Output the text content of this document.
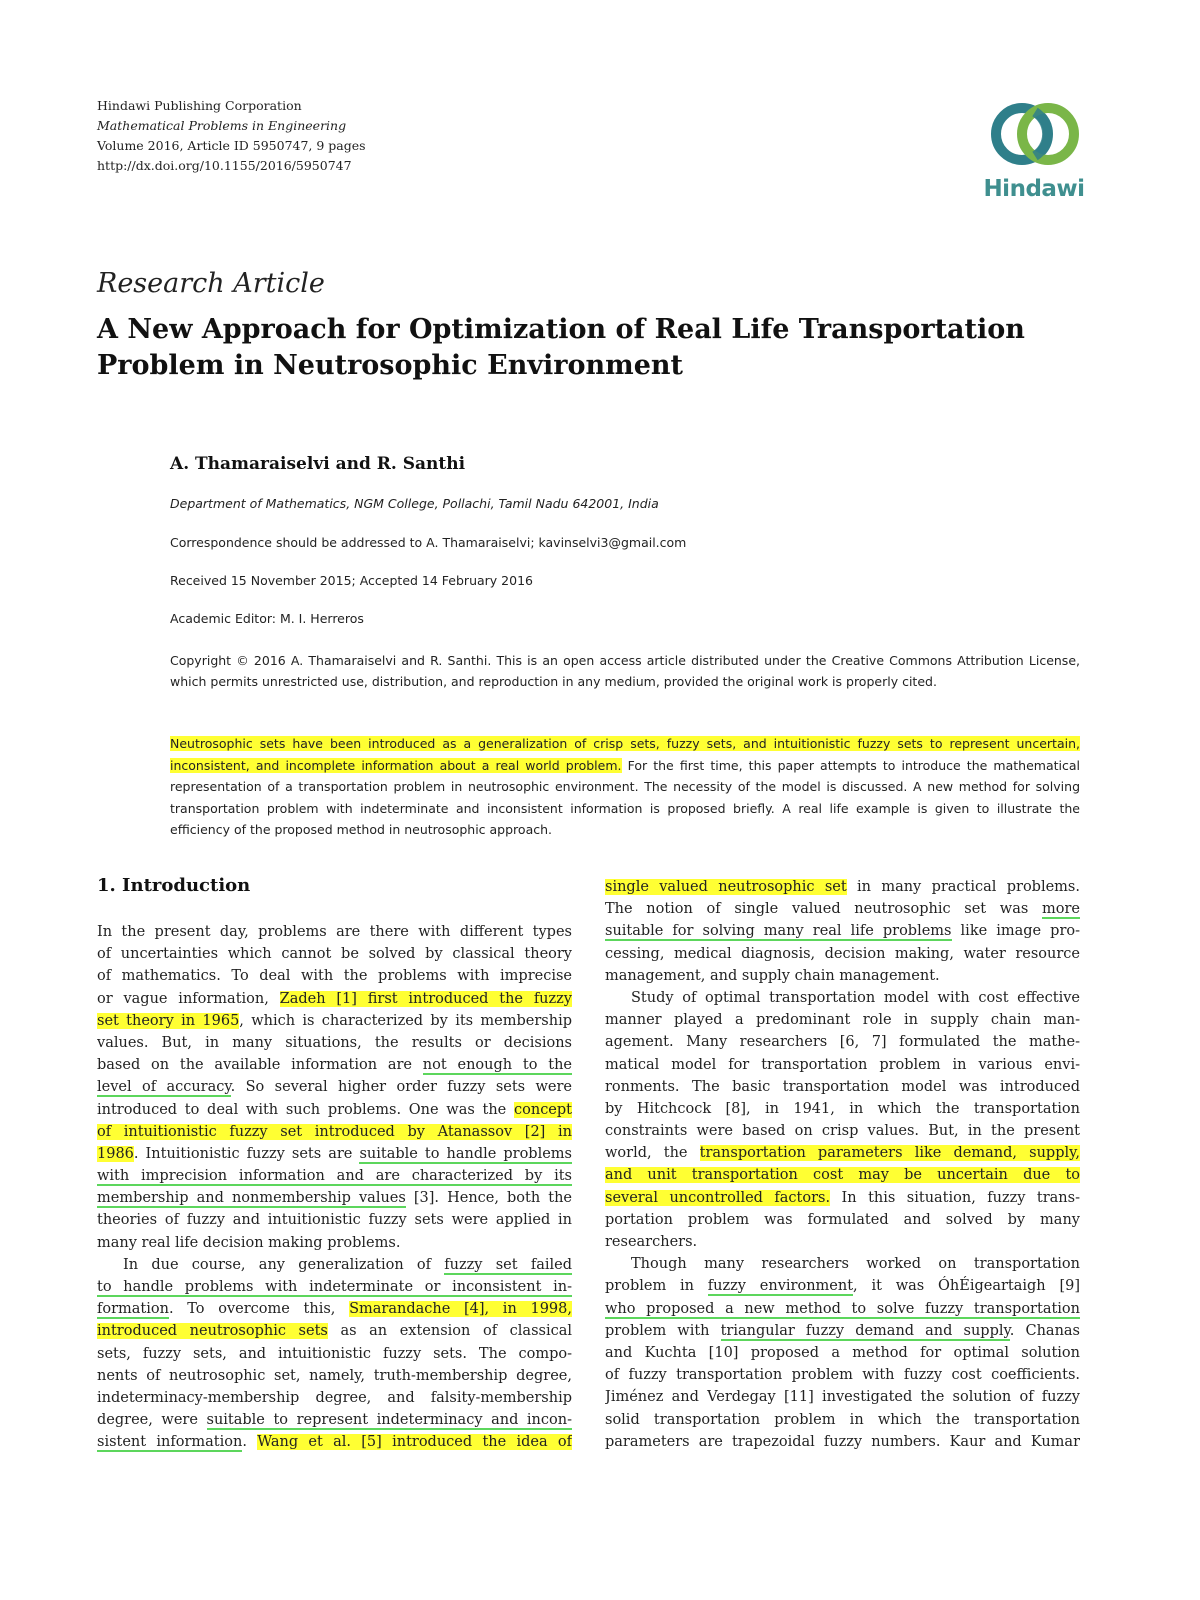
Hindawi Publishing Corporation
Mathematical Problems in Engineering
Volume 2016, Article ID 5950747, 9 pages
http://dx.doi.org/10.1155/2016/5950747
Hindawi
Research Article
A New Approach for Optimization of Real Life Transportation
Problem in Neutrosophic Environment
A. Thamaraiselvi and R. Santhi
Department of Mathematics, NGM College, Pollachi, Tamil Nadu 642001, India
Correspondence should be addressed to A. Thamaraiselvi; kavinselvi3@gmail.com
Received 15 November 2015; Accepted 14 February 2016
Academic Editor: M. I. Herreros
Copyright © 2016 A. Thamaraiselvi and R. Santhi. This is an open access article distributed under the Creative Commons Attribution License, which permits unrestricted use, distribution, and reproduction in any medium, provided the original work is properly cited.
Neutrosophic sets have been introduced as a generalization of crisp sets, fuzzy sets, and intuitionistic fuzzy sets to represent uncertain, inconsistent, and incomplete information about a real world problem. For the first time, this paper attempts to introduce the mathematical representation of a transportation problem in neutrosophic environment. The necessity of the model is discussed. A new method for solving transportation problem with indeterminate and inconsistent information is proposed briefly. A real life example is given to illustrate the efficiency of the proposed method in neutrosophic approach.
1. Introduction
In the present day, problems are there with different types
of uncertainties which cannot be solved by classical theory
of mathematics. To deal with the problems with imprecise
or vague information, Zadeh [1] first introduced the fuzzy
set theory in 1965, which is characterized by its membership
values. But, in many situations, the results or decisions
based on the available information are not enough to the
level of accuracy. So several higher order fuzzy sets were
introduced to deal with such problems. One was the concept
of intuitionistic fuzzy set introduced by Atanassov [2] in
1986. Intuitionistic fuzzy sets are suitable to handle problems
with imprecision information and are characterized by its
membership and nonmembership values [3]. Hence, both the
theories of fuzzy and intuitionistic fuzzy sets were applied in
many real life decision making problems.
In due course, any generalization of fuzzy set failed
to handle problems with indeterminate or inconsistent in-
formation. To overcome this, Smarandache [4], in 1998,
introduced neutrosophic sets as an extension of classical
sets, fuzzy sets, and intuitionistic fuzzy sets. The compo-
nents of neutrosophic set, namely, truth-membership degree,
indeterminacy-membership degree, and falsity-membership
degree, were suitable to represent indeterminacy and incon-
sistent information. Wang et al. [5] introduced the idea of
single valued neutrosophic set in many practical problems.
The notion of single valued neutrosophic set was more
suitable for solving many real life problems like image pro-
cessing, medical diagnosis, decision making, water resource
management, and supply chain management.
Study of optimal transportation model with cost effective
manner played a predominant role in supply chain man-
agement. Many researchers [6, 7] formulated the mathe-
matical model for transportation problem in various envi-
ronments. The basic transportation model was introduced
by Hitchcock [8], in 1941, in which the transportation
constraints were based on crisp values. But, in the present
world, the transportation parameters like demand, supply,
and unit transportation cost may be uncertain due to
several uncontrolled factors. In this situation, fuzzy trans-
portation problem was formulated and solved by many
researchers.
Though many researchers worked on transportation
problem in fuzzy environment, it was ÓhÉigeartaigh [9]
who proposed a new method to solve fuzzy transportation
problem with triangular fuzzy demand and supply. Chanas
and Kuchta [10] proposed a method for optimal solution
of fuzzy transportation problem with fuzzy cost coefficients.
Jiménez and Verdegay [11] investigated the solution of fuzzy
solid transportation problem in which the transportation
parameters are trapezoidal fuzzy numbers. Kaur and Kumar
